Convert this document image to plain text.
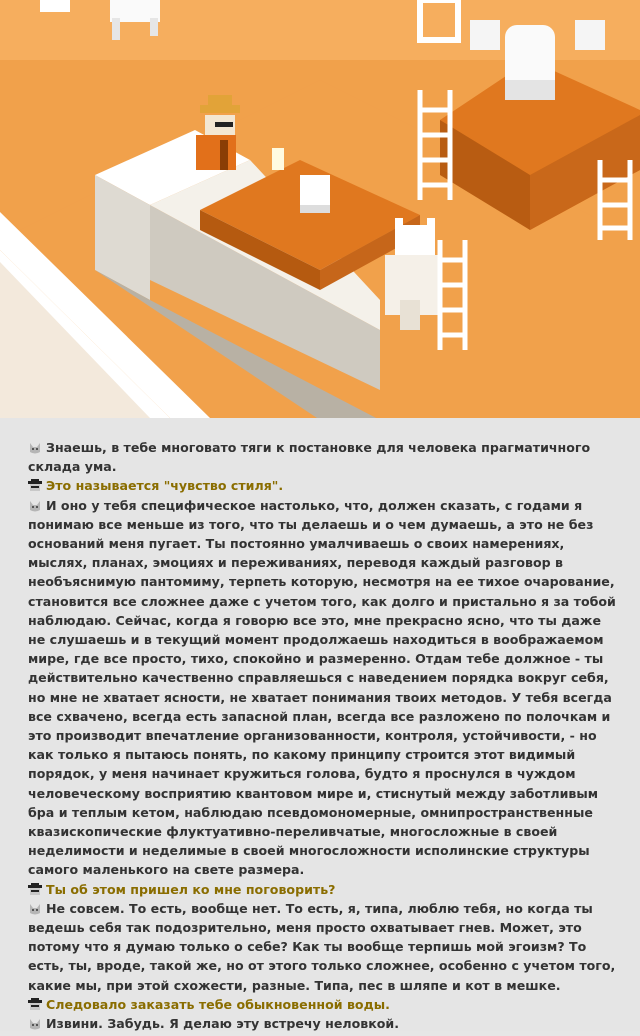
Знаешь, в тебе многовато тяги к постановке для человека прагматичного склада ума.

Это называется "чувство стиля".

И оно у тебя специфическое настолько, что, должен сказать, с годами я понимаю все меньше из того, что ты делаешь и о чем думаешь, а это не без оснований меня пугает. Ты постоянно умалчиваешь о своих намерениях, мыслях, планах, эмоциях и переживаниях, переводя каждый разговор в необъяснимую пантомиму, терпеть которую, несмотря на ее тихое очарование, становится все сложнее даже с учетом того, как долго и пристально я за тобой наблюдаю. Сейчас, когда я говорю все это, мне прекрасно ясно, что ты даже не слушаешь и в текущий момент продолжаешь находиться в воображаемом мире, где все просто, тихо, спокойно и размеренно. Отдам тебе должное - ты действительно качественно справляешься с наведением порядка вокруг себя, но мне не хватает ясности, не хватает понимания твоих методов. У тебя всегда все схвачено, всегда есть запасной план, всегда все разложено по полочкам и это производит впечатление организованности, контроля, устойчивости, - но как только я пытаюсь понять, по какому принципу строится этот видимый порядок, у меня начинает кружиться голова, будто я проснулся в чуждом человеческому восприятию квантовом мире и, стиснутый между заботливым бра и теплым кетом, наблюдаю псевдомономерные, омнипространственные квазископические флуктуативно-переливчатые, многосложные в своей неделимости и неделимые в своей многосложности исполинские структуры самого маленького на свете размера.

Ты об этом пришел ко мне поговорить?

Не совсем. То есть, вообще нет. То есть, я, типа, люблю тебя, но когда ты ведешь себя так подозрительно, меня просто охватывает гнев. Может, это потому что я думаю только о себе? Как ты вообще терпишь мой эгоизм? То есть, ты, вроде, такой же, но от этого только сложнее, особенно с учетом того, какие мы, при этой схожести, разные. Типа, пес в шляпе и кот в мешке.

Следовало заказать тебе обыкновенной воды.

Извини. Забудь. Я делаю эту встречу неловкой.
